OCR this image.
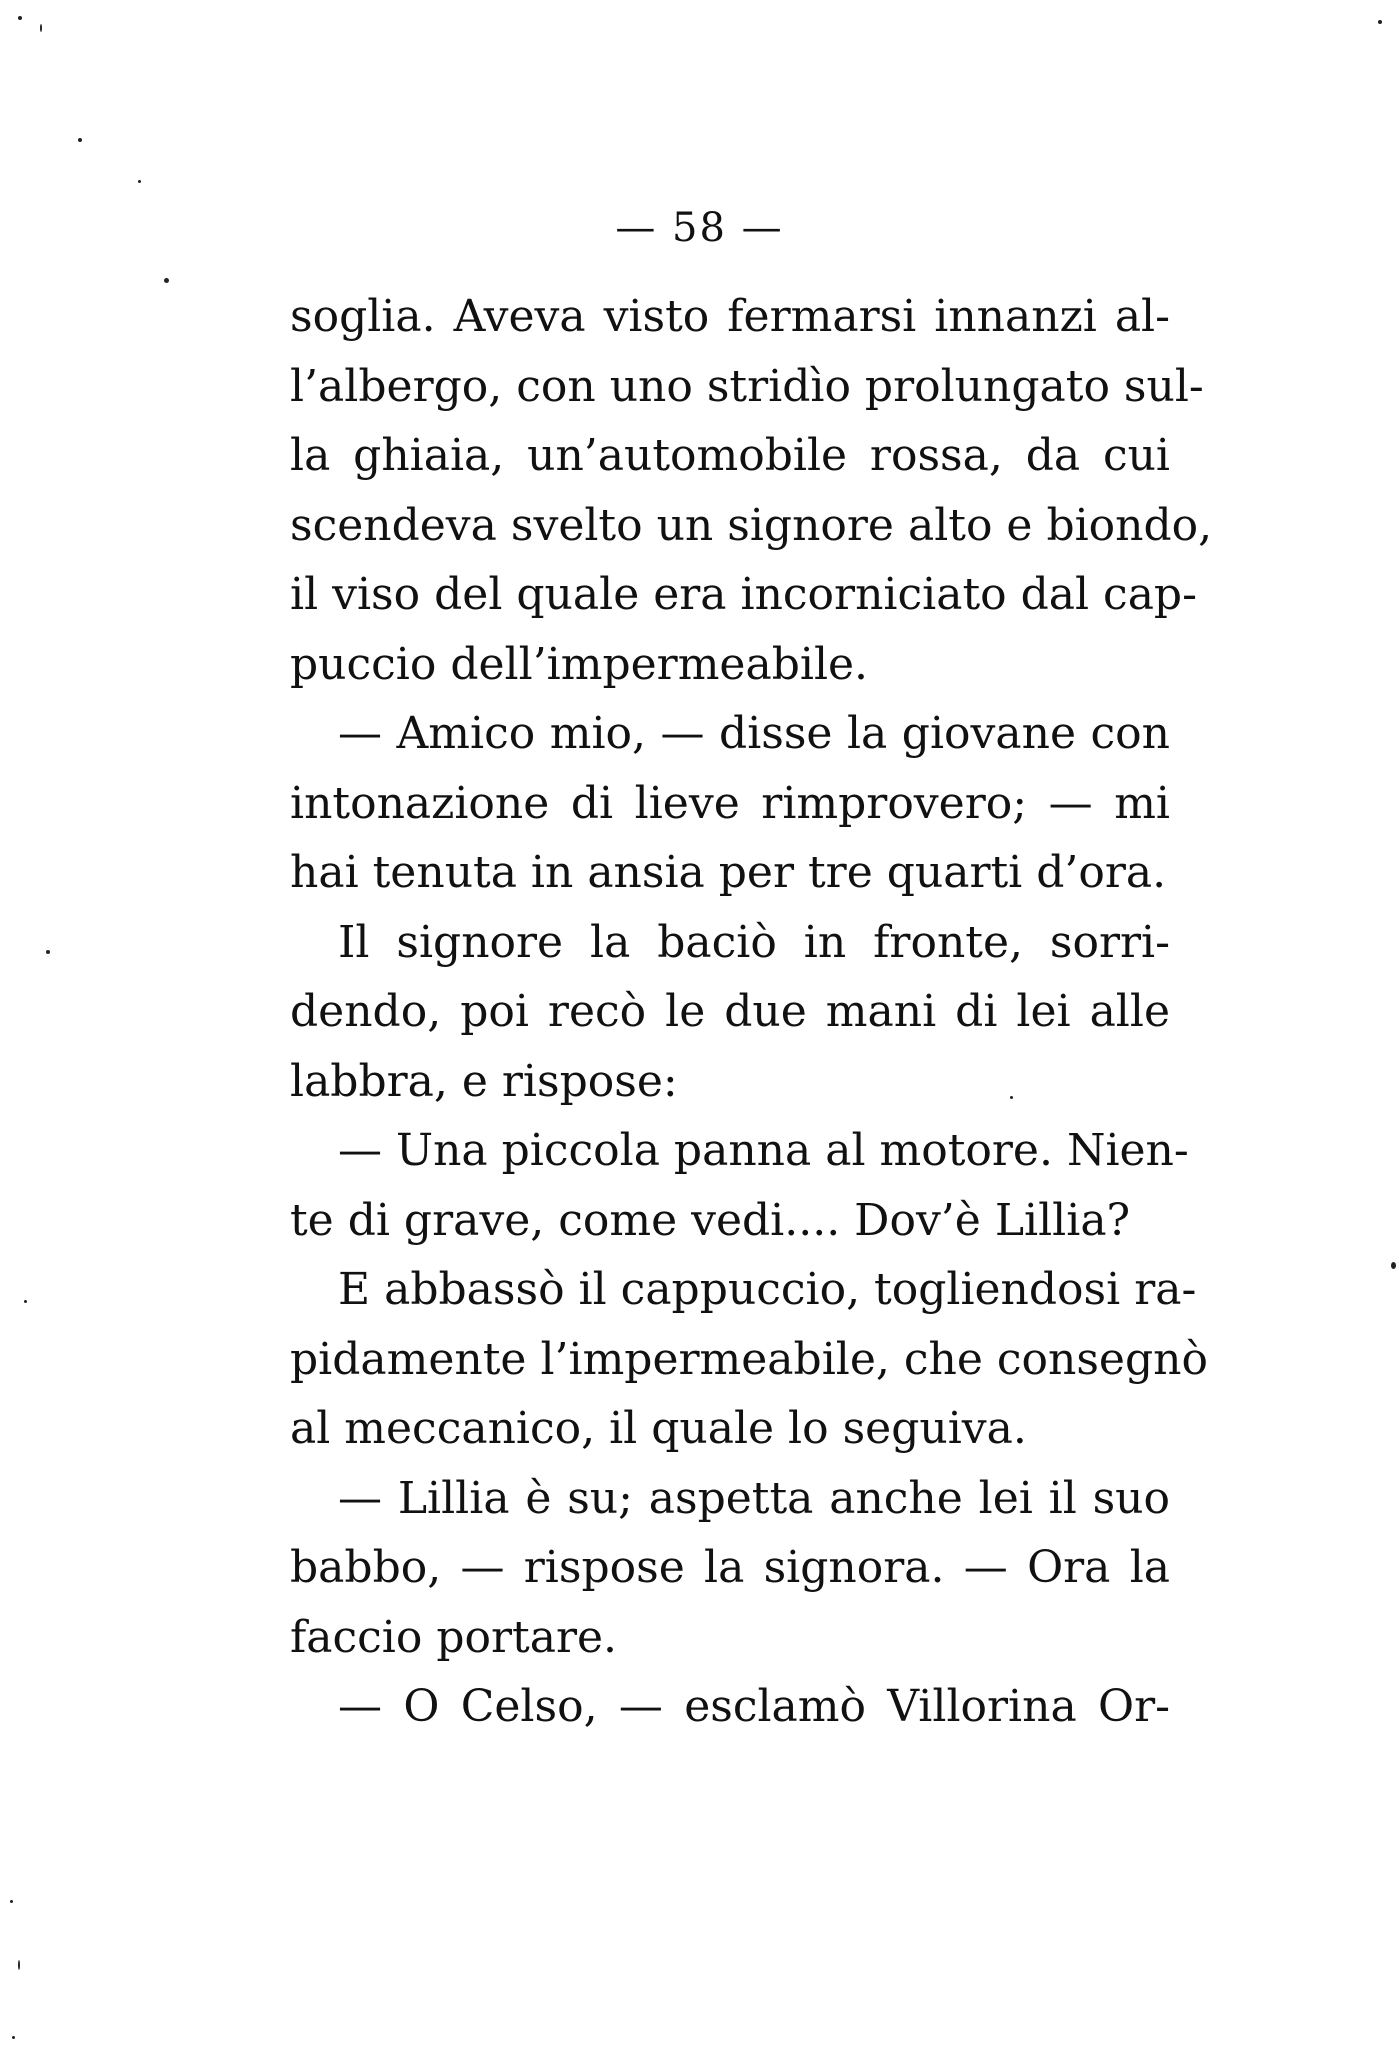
— 58 —
soglia. Aveva visto fermarsi innanzi al-
l’albergo, con uno stridìo prolungato sul-
la ghiaia, un’automobile rossa, da cui
scendeva svelto un signore alto e biondo,
il viso del quale era incorniciato dal cap-
puccio dell’impermeabile.
— Amico mio, — disse la giovane con
intonazione di lieve rimprovero; — mi
hai tenuta in ansia per tre quarti d’ora.
Il signore la baciò in fronte, sorri-
dendo, poi recò le due mani di lei alle
labbra, e rispose:
— Una piccola panna al motore. Nien-
te di grave, come vedi.... Dov’è Lillia?
E abbassò il cappuccio, togliendosi ra-
pidamente l’impermeabile, che consegnò
al meccanico, il quale lo seguiva.
— Lillia è su; aspetta anche lei il suo
babbo, — rispose la signora. — Ora la
faccio portare.
— O Celso, — esclamò Villorina Or-
